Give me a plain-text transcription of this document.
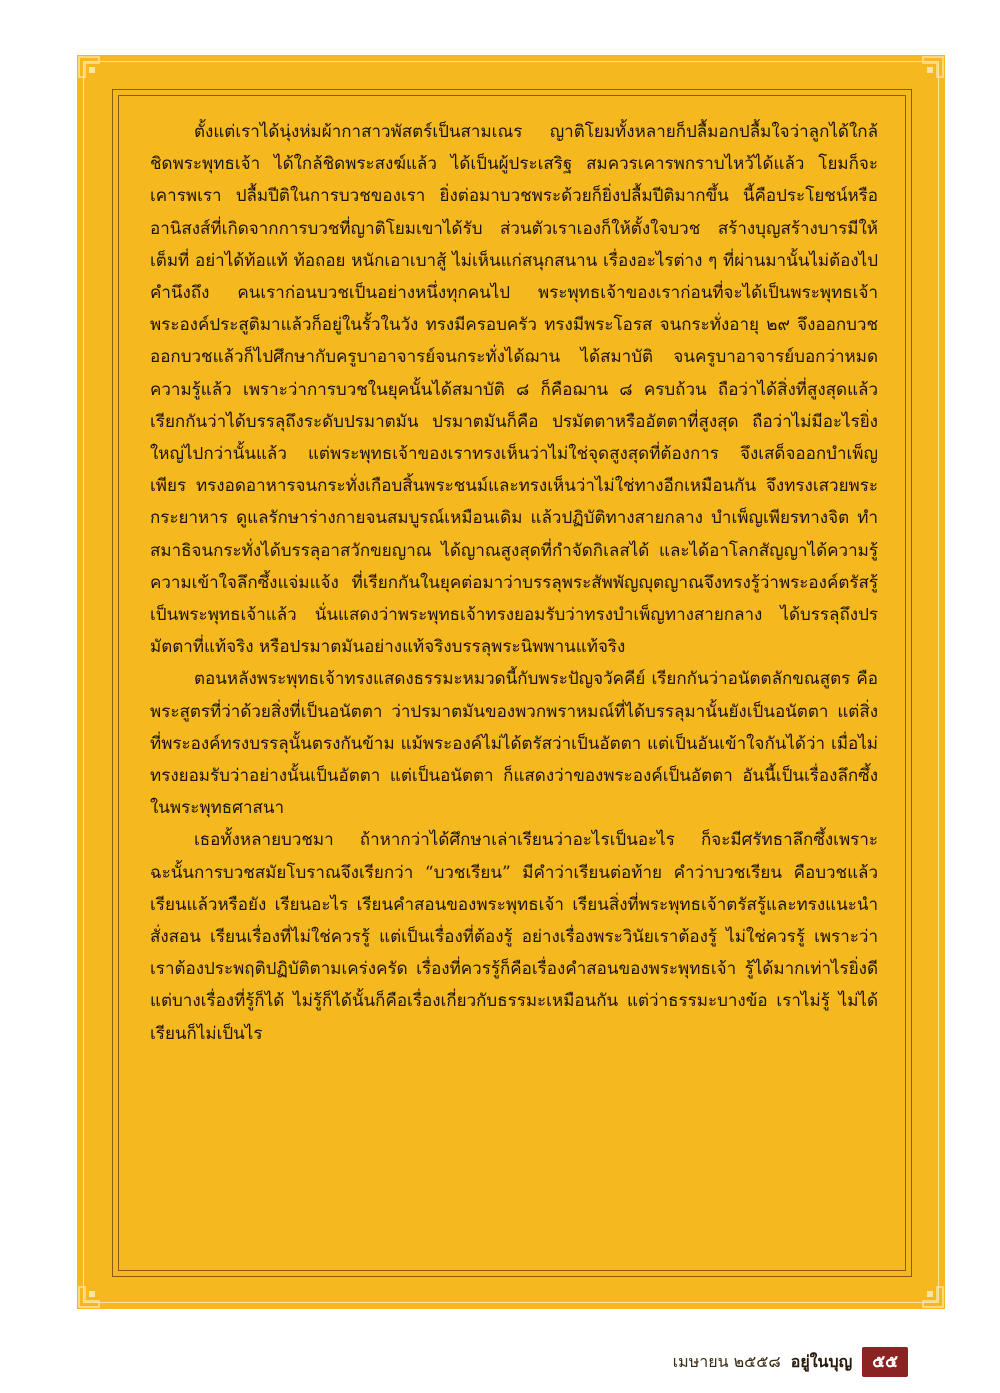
ตั้งแต่เราได้นุ่งห่มผ้ากาสาวพัสตร์เป็นสามเณร ญาติโยมทั้งหลายก็ปลื้มอกปลื้มใจว่าลูกได้ใกล้ชิดพระพุทธเจ้า ได้ใกล้ชิดพระสงฆ์แล้ว ได้เป็นผู้ประเสริฐ สมควรเคารพกราบไหว้ได้แล้ว โยมก็จะเคารพเรา ปลื้มปีติในการบวชของเรา ยิ่งต่อมาบวชพระด้วยก็ยิ่งปลื้มปีติมากขึ้น นี้คือประโยชน์หรืออานิสงส์ที่เกิดจากการบวชที่ญาติโยมเขาได้รับ ส่วนตัวเราเองก็ให้ตั้งใจบวช สร้างบุญสร้างบารมีให้เต็มที่ อย่าได้ท้อแท้ ท้อถอย หนักเอาเบาสู้ ไม่เห็นแก่สนุกสนาน เรื่องอะไรต่าง ๆ ที่ผ่านมานั้นไม่ต้องไปคำนึงถึง คนเราก่อนบวชเป็นอย่างหนึ่งทุกคนไป พระพุทธเจ้าของเราก่อนที่จะได้เป็นพระพุทธเจ้า พระองค์ประสูติมาแล้วก็อยู่ในรั้วในวัง ทรงมีครอบครัว ทรงมีพระโอรส จนกระทั่งอายุ ๒๙ จึงออกบวช ออกบวชแล้วก็ไปศึกษากับครูบาอาจารย์จนกระทั่งได้ฌาน ได้สมาบัติ จนครูบาอาจารย์บอกว่าหมดความรู้แล้ว เพราะว่าการบวชในยุคนั้นได้สมาบัติ ๘ ก็คือฌาน ๘ ครบถ้วน ถือว่าได้สิ่งที่สูงสุดแล้ว เรียกกันว่าได้บรรลุถึงระดับปรมาตมัน ปรมาตมันก็คือ ปรมัตตาหรืออัตตาที่สูงสุด ถือว่าไม่มีอะไรยิ่งใหญ่ไปกว่านั้นแล้ว แต่พระพุทธเจ้าของเราทรงเห็นว่าไม่ใช่จุดสูงสุดที่ต้องการ จึงเสด็จออกบำเพ็ญเพียร ทรงอดอาหารจนกระทั่งเกือบสิ้นพระชนม์และทรงเห็นว่าไม่ใช่ทางอีกเหมือนกัน จึงทรงเสวยพระกระยาหาร ดูแลรักษาร่างกายจนสมบูรณ์เหมือนเดิม แล้วปฏิบัติทางสายกลาง บำเพ็ญเพียรทางจิต ทำสมาธิจนกระทั่งได้บรรลุอาสวักขยญาณ ได้ญาณสูงสุดที่กำจัดกิเลสได้ และได้อาโลกสัญญาได้ความรู้ความเข้าใจลึกซึ้งแจ่มแจ้ง ที่เรียกกันในยุคต่อมาว่าบรรลุพระสัพพัญญุตญาณจึงทรงรู้ว่าพระองค์ตรัสรู้เป็นพระพุทธเจ้าแล้ว นั่นแสดงว่าพระพุทธเจ้าทรงยอมรับว่าทรงบำเพ็ญทางสายกลาง ได้บรรลุถึงปรมัตตาที่แท้จริง หรือปรมาตมันอย่างแท้จริงบรรลุพระนิพพานแท้จริง

ตอนหลังพระพุทธเจ้าทรงแสดงธรรมะหมวดนี้กับพระปัญจวัคคีย์ เรียกกันว่าอนัตตลักขณสูตร คือ พระสูตรที่ว่าด้วยสิ่งที่เป็นอนัตตา ว่าปรมาตมันของพวกพราหมณ์ที่ได้บรรลุมานั้นยังเป็นอนัตตา แต่สิ่งที่พระองค์ทรงบรรลุนั้นตรงกันข้าม แม้พระองค์ไม่ได้ตรัสว่าเป็นอัตตา แต่เป็นอันเข้าใจกันได้ว่า เมื่อไม่ทรงยอมรับว่าอย่างนั้นเป็นอัตตา แต่เป็นอนัตตา ก็แสดงว่าของพระองค์เป็นอัตตา อันนี้เป็นเรื่องลึกซึ้งในพระพุทธศาสนา

เธอทั้งหลายบวชมา ถ้าหากว่าได้ศึกษาเล่าเรียนว่าอะไรเป็นอะไร ก็จะมีศรัทธาลึกซึ้งเพราะฉะนั้นการบวชสมัยโบราณจึงเรียกว่า “บวชเรียน” มีคำว่าเรียนต่อท้าย คำว่าบวชเรียน คือบวชแล้ว เรียนแล้วหรือยัง เรียนอะไร เรียนคำสอนของพระพุทธเจ้า เรียนสิ่งที่พระพุทธเจ้าตรัสรู้และทรงแนะนำสั่งสอน เรียนเรื่องที่ไม่ใช่ควรรู้ แต่เป็นเรื่องที่ต้องรู้ อย่างเรื่องพระวินัยเราต้องรู้ ไม่ใช่ควรรู้ เพราะว่าเราต้องประพฤติปฏิบัติตามเคร่งครัด เรื่องที่ควรรู้ก็คือเรื่องคำสอนของพระพุทธเจ้า รู้ได้มากเท่าไรยิ่งดี แต่บางเรื่องที่รู้ก็ได้ ไม่รู้ก็ได้นั้นก็คือเรื่องเกี่ยวกับธรรมะเหมือนกัน แต่ว่าธรรมะบางข้อ เราไม่รู้ ไม่ได้เรียนก็ไม่เป็นไร

เมษายน ๒๕๕๘ อยู่ในบุญ	๕๕
